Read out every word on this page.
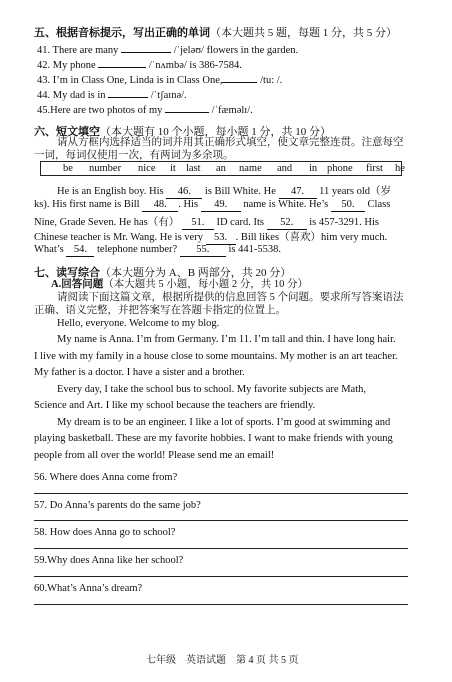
五、根据音标提示，写出正确的单词（本大题共 5 题，每题 1 分，共 5 分）
41. There are many	/ˈjeləʊ/ flowers in the garden.
42. My phone	/ˈnʌmbə/ is 386-7584.
43. I’m in Class One, Linda is in Class One,	/tu: /.
44. My dad is in	/ˈtʃaɪnə/.
45.Here are two photos of my	/ˈfæməlɪ/.
六、短文填空（本大题有 10 个小题，每小题 1 分，共 10 分）
请从方框内选择适当的词并用其正确形式填空，使文章完整连贯。注意每空
一词，每词仅使用一次，有两词为多余项。
be number nice it last an name and in phone first he
He is an English boy. His 46. is Bill White. He 47. 11 years old（岁
ks). His first name is Bill 48. . His 49. name is White. He’s 50. Class
Nine, Grade Seven. He has（有） 51. ID card. Its 52. is 457-3291. His
Chinese teacher is Mr. Wang. He is very 53. . Bill likes（喜欢）him very much.
What’s 54. telephone number? 55. is 441-5538.
七、读写综合（本大题分为 A、B 两部分，共 20 分）
A.回答问题（本大题共 5 小题，每小题 2 分，共 10 分）
请阅读下面这篇文章，根据所提供的信息回答 5 个问题。要求所写答案语法
正确、语义完整，并把答案写在答题卡指定的位置上。
Hello, everyone. Welcome to my blog.
My name is Anna. I’m from Germany. I’m 11. I’m tall and thin. I have long hair.
I live with my family in a house close to some mountains. My mother is an art teacher.
My father is a doctor. I have a sister and a brother.
Every day, I take the school bus to school. My favorite subjects are Math,
Science and Art. I like my school because the teachers are friendly.
My dream is to be an engineer. I like a lot of sports. I’m good at swimming and
playing basketball. These are my favorite hobbies. I want to make friends with young
people from all over the world! Please send me an email!
56. Where does Anna come from?
57. Do Anna’s parents do the same job?
58. How does Anna go to school?
59.Why does Anna like her school?
60.What’s Anna’s dream?
七年级　英语试题　第 4 页 共 5 页
